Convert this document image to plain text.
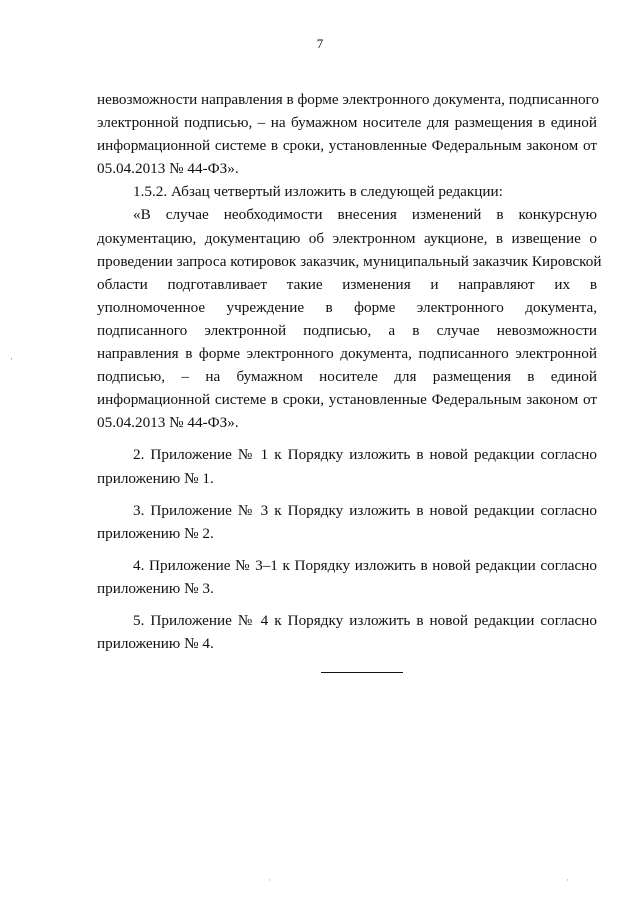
7
невозможности направления в форме электронного документа, подписанного
электронной подписью, – на бумажном носителе для размещения в единой
информационной системе в сроки, установленные Федеральным законом от
05.04.2013 № 44-ФЗ».
1.5.2. Абзац четвертый изложить в следующей редакции:
«В случае необходимости внесения изменений в конкурсную
документацию, документацию об электронном аукционе, в извещение о
проведении запроса котировок заказчик, муниципальный заказчик Кировской
области подготавливает такие изменения и направляют их в
уполномоченное учреждение в форме электронного документа,
подписанного электронной подписью, а в случае невозможности
направления в форме электронного документа, подписанного электронной
подписью, – на бумажном носителе для размещения в единой
информационной системе в сроки, установленные Федеральным законом от
05.04.2013 № 44-ФЗ».
2. Приложение № 1 к Порядку изложить в новой редакции согласно
приложению № 1.
3. Приложение № 3 к Порядку изложить в новой редакции согласно
приложению № 2.
4. Приложение № 3–1 к Порядку изложить в новой редакции согласно
приложению № 3.
5. Приложение № 4 к Порядку изложить в новой редакции согласно
приложению № 4.
‚
·	·
